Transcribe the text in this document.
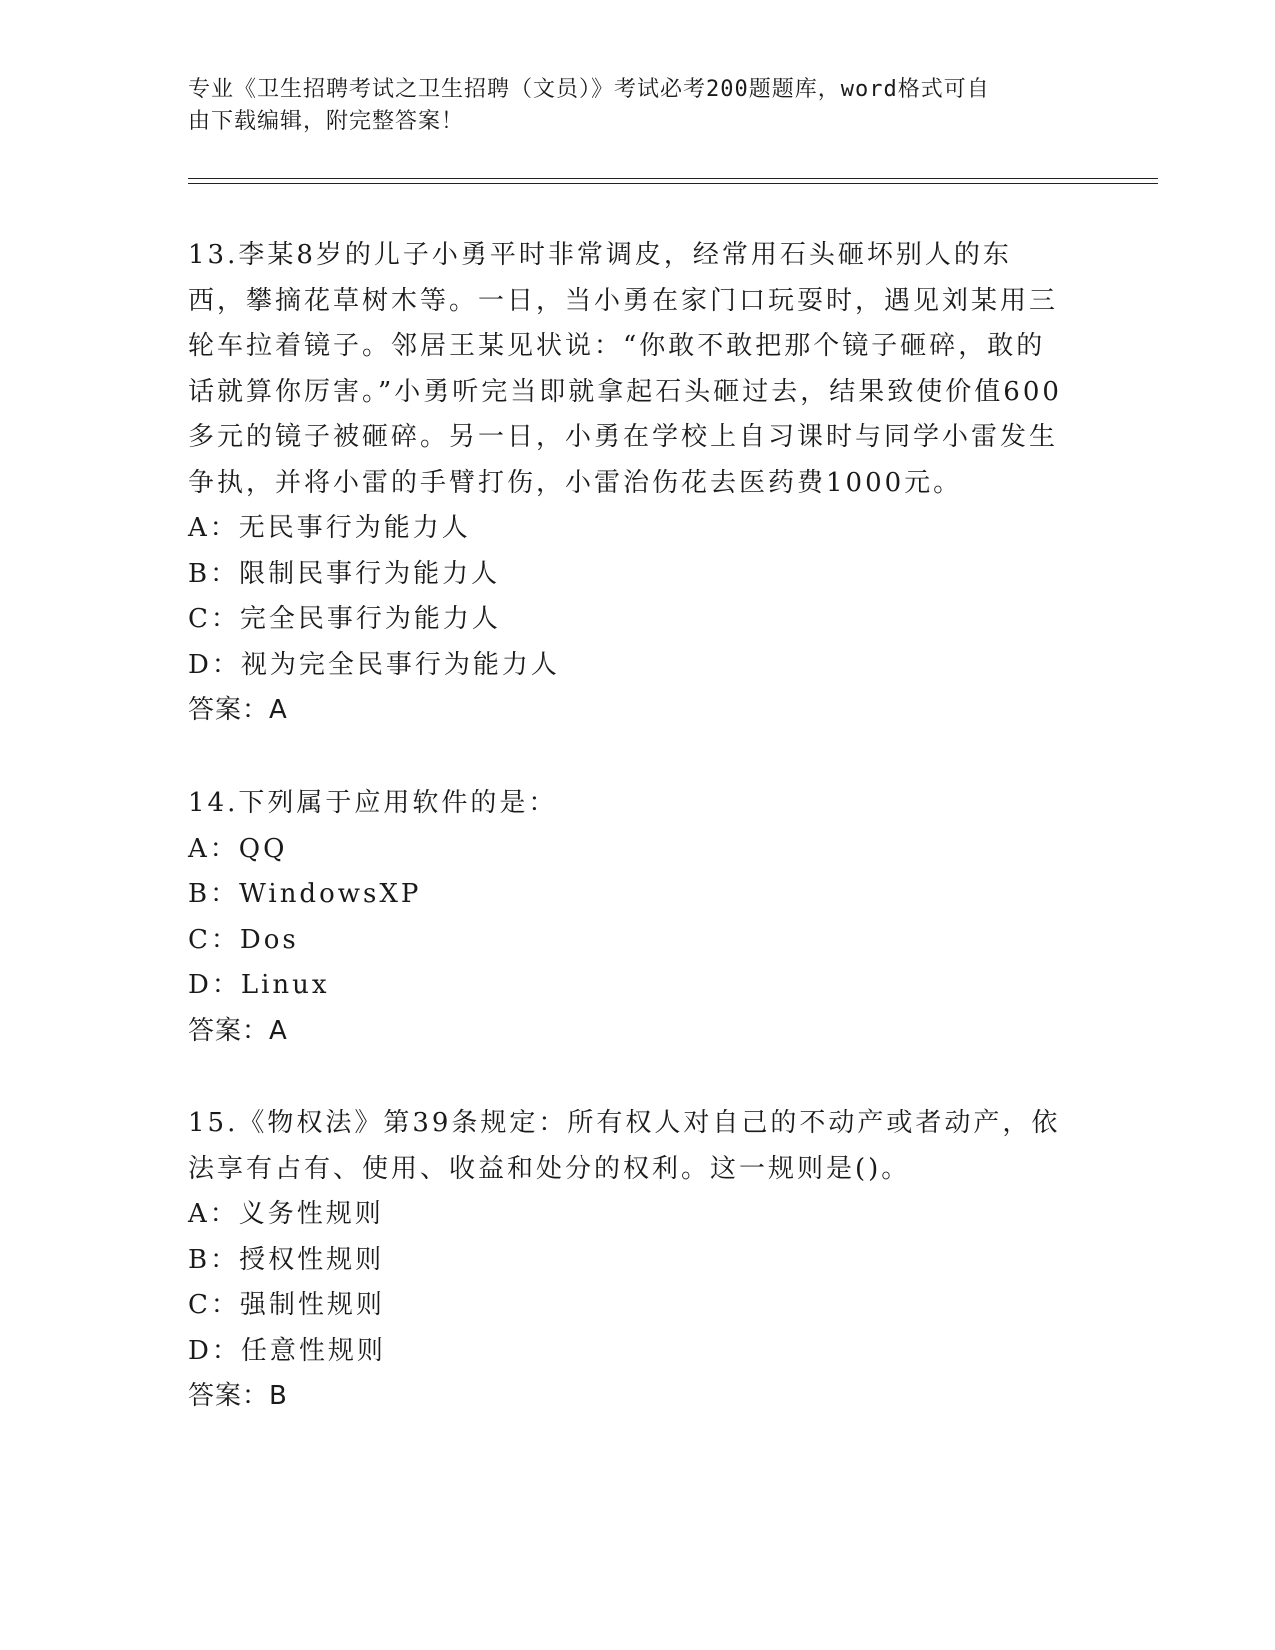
专业《卫生招聘考试之卫生招聘（文员）》考试必考200题题库，word格式可自
由下载编辑，附完整答案！
13.李某8岁的儿子小勇平时非常调皮，经常用石头砸坏别人的东西，攀摘花草树木等。一日，当小勇在家门口玩耍时，遇见刘某用三轮车拉着镜子。邻居王某见状说：“你敢不敢把那个镜子砸碎，敢的话就算你厉害。”小勇听完当即就拿起石头砸过去，结果致使价值600多元的镜子被砸碎。另一日，小勇在学校上自习课时与同学小雷发生争执，并将小雷的手臂打伤，小雷治伤花去医药费1000元。
A：无民事行为能力人
B：限制民事行为能力人
C：完全民事行为能力人
D：视为完全民事行为能力人
答案：A
14.下列属于应用软件的是：
A：QQ
B：WindowsXP
C：Dos
D：Linux
答案：A
15.《物权法》第39条规定：所有权人对自己的不动产或者动产，依法享有占有、使用、收益和处分的权利。这一规则是()。
A：义务性规则
B：授权性规则
C：强制性规则
D：任意性规则
答案：B
